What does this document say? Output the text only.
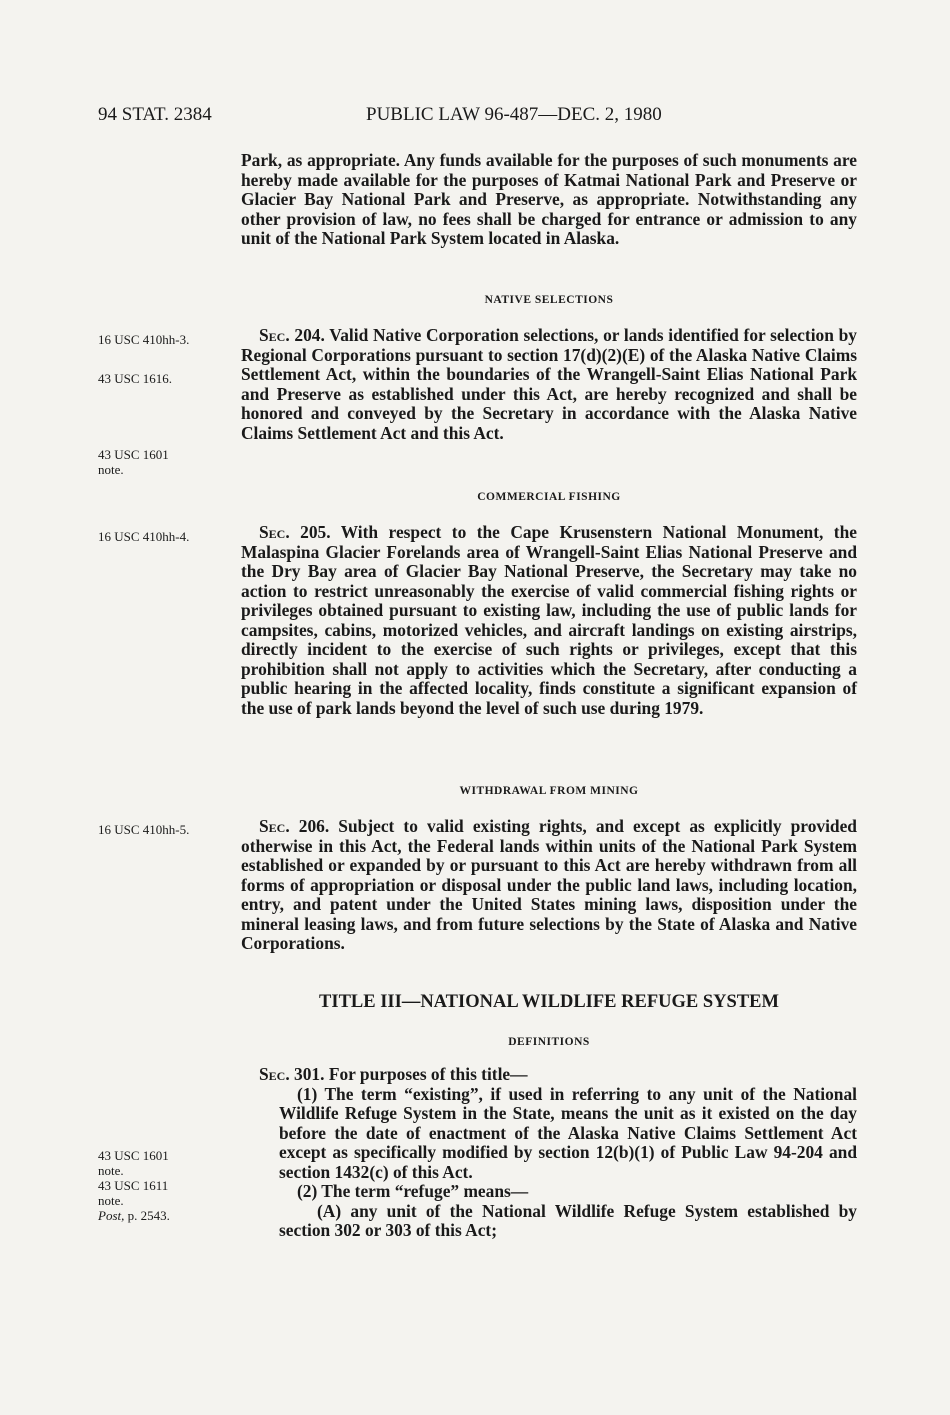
94 STAT. 2384	PUBLIC LAW 96-487—DEC. 2, 1980

Park, as appropriate. Any funds available for the purposes of such monuments are hereby made available for the purposes of Katmai National Park and Preserve or Glacier Bay National Park and Preserve, as appropriate. Notwithstanding any other provision of law, no fees shall be charged for entrance or admission to any unit of the National Park System located in Alaska.

NATIVE SELECTIONS

Sec. 204. Valid Native Corporation selections, or lands identified for selection by Regional Corporations pursuant to section 17(d)(2)(E) of the Alaska Native Claims Settlement Act, within the boundaries of the Wrangell-Saint Elias National Park and Preserve as established under this Act, are hereby recognized and shall be honored and conveyed by the Secretary in accordance with the Alaska Native Claims Settlement Act and this Act.

COMMERCIAL FISHING

Sec. 205. With respect to the Cape Krusenstern National Monument, the Malaspina Glacier Forelands area of Wrangell-Saint Elias National Preserve and the Dry Bay area of Glacier Bay National Preserve, the Secretary may take no action to restrict unreasonably the exercise of valid commercial fishing rights or privileges obtained pursuant to existing law, including the use of public lands for campsites, cabins, motorized vehicles, and aircraft landings on existing airstrips, directly incident to the exercise of such rights or privileges, except that this prohibition shall not apply to activities which the Secretary, after conducting a public hearing in the affected locality, finds constitute a significant expansion of the use of park lands beyond the level of such use during 1979.

WITHDRAWAL FROM MINING

Sec. 206. Subject to valid existing rights, and except as explicitly provided otherwise in this Act, the Federal lands within units of the National Park System established or expanded by or pursuant to this Act are hereby withdrawn from all forms of appropriation or disposal under the public land laws, including location, entry, and patent under the United States mining laws, disposition under the mineral leasing laws, and from future selections by the State of Alaska and Native Corporations.

TITLE III—NATIONAL WILDLIFE REFUGE SYSTEM
DEFINITIONS

Sec. 301. For purposes of this title—

(1) The term “existing”, if used in referring to any unit of the National Wildlife Refuge System in the State, means the unit as it existed on the day before the date of enactment of the Alaska Native Claims Settlement Act except as specifically modified by section 12(b)(1) of Public Law 94-204 and section 1432(c) of this Act.

(2) The term “refuge” means—

(A) any unit of the National Wildlife Refuge System established by section 302 or 303 of this Act;

16 USC 410hh-3.
43 USC 1616.
43 USC 1601
note.
16 USC 410hh-4.
16 USC 410hh-5.
43 USC 1601
note.
43 USC 1611
note.
Post, p. 2543.
